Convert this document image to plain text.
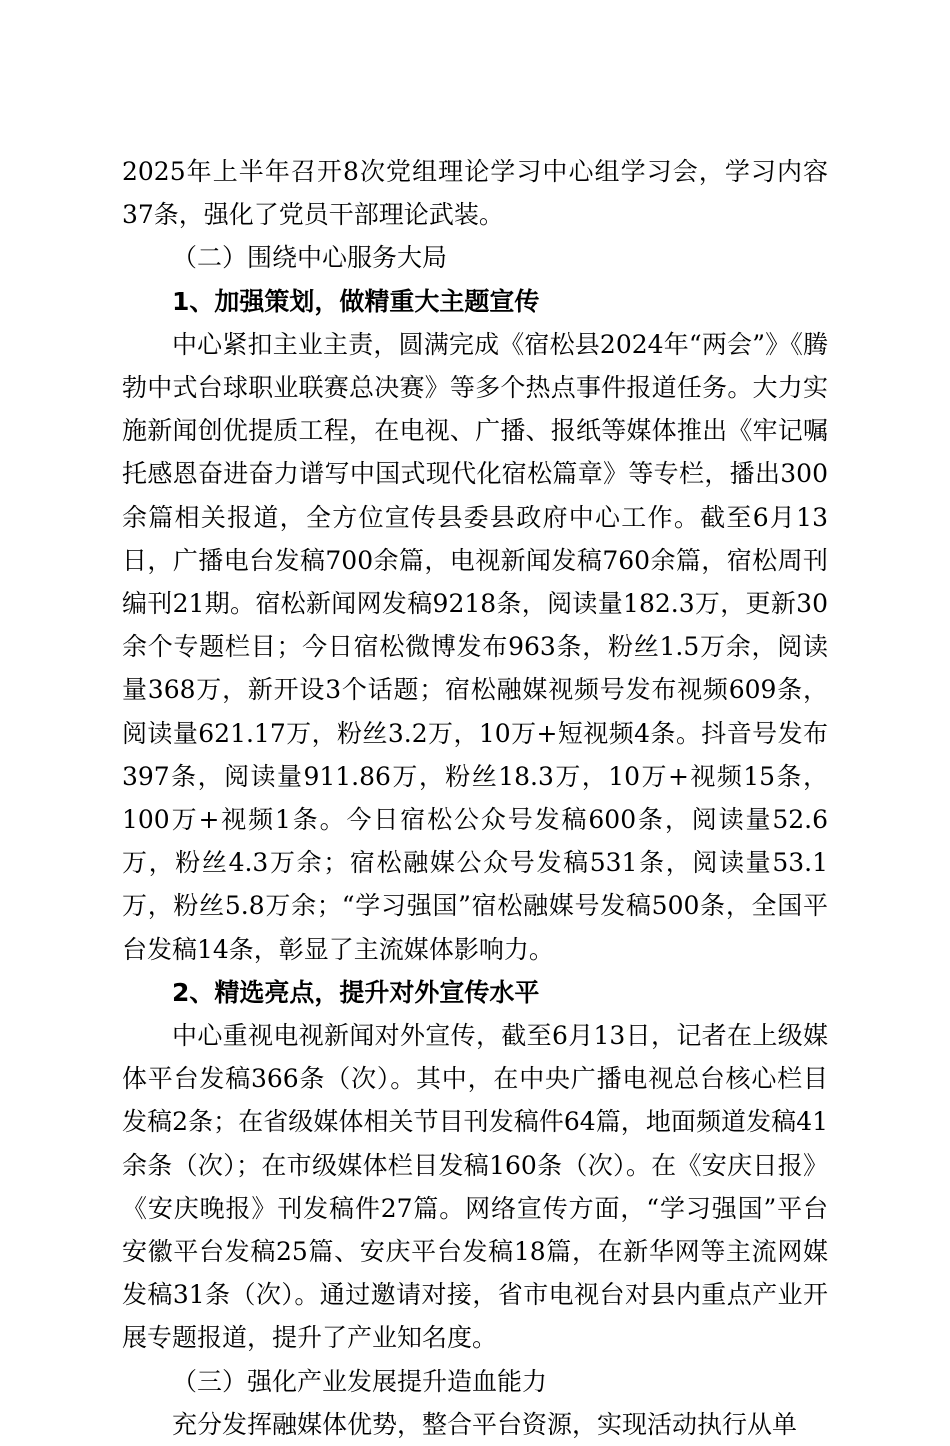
2025年上半年召开8次党组理论学习中心组学习会，学习内容37条，强化了党员干部理论武装。

（二）围绕中心服务大局

1、加强策划，做精重大主题宣传

中心紧扣主业主责，圆满完成《宿松县2024年“两会”》《腾勃中式台球职业联赛总决赛》等多个热点事件报道任务。大力实施新闻创优提质工程，在电视、广播、报纸等媒体推出《牢记嘱托感恩奋进奋力谱写中国式现代化宿松篇章》等专栏，播出300余篇相关报道，全方位宣传县委县政府中心工作。截至6月13日，广播电台发稿700余篇，电视新闻发稿760余篇，宿松周刊编刊21期。宿松新闻网发稿9218条，阅读量182.3万，更新30余个专题栏目；今日宿松微博发布963条，粉丝1.5万余，阅读量368万，新开设3个话题；宿松融媒视频号发布视频609条，阅读量621.17万，粉丝3.2万，10万+短视频4条。抖音号发布397条，阅读量911.86万，粉丝18.3万，10万+视频15条，100万+视频1条。今日宿松公众号发稿600条，阅读量52.6万，粉丝4.3万余；宿松融媒公众号发稿531条，阅读量53.1万，粉丝5.8万余；“学习强国”宿松融媒号发稿500条，全国平台发稿14条，彰显了主流媒体影响力。

2、精选亮点，提升对外宣传水平

中心重视电视新闻对外宣传，截至6月13日，记者在上级媒体平台发稿366条（次）。其中，在中央广播电视总台核心栏目发稿2条；在省级媒体相关节目刊发稿件64篇，地面频道发稿41余条（次）；在市级媒体栏目发稿160条（次）。在《安庆日报》《安庆晚报》刊发稿件27篇。网络宣传方面，“学习强国”平台安徽平台发稿25篇、安庆平台发稿18篇，在新华网等主流网媒发稿31条（次）。通过邀请对接，省市电视台对县内重点产业开展专题报道，提升了产业知名度。

（三）强化产业发展提升造血能力

充分发挥融媒体优势，整合平台资源，实现活动执行从单
